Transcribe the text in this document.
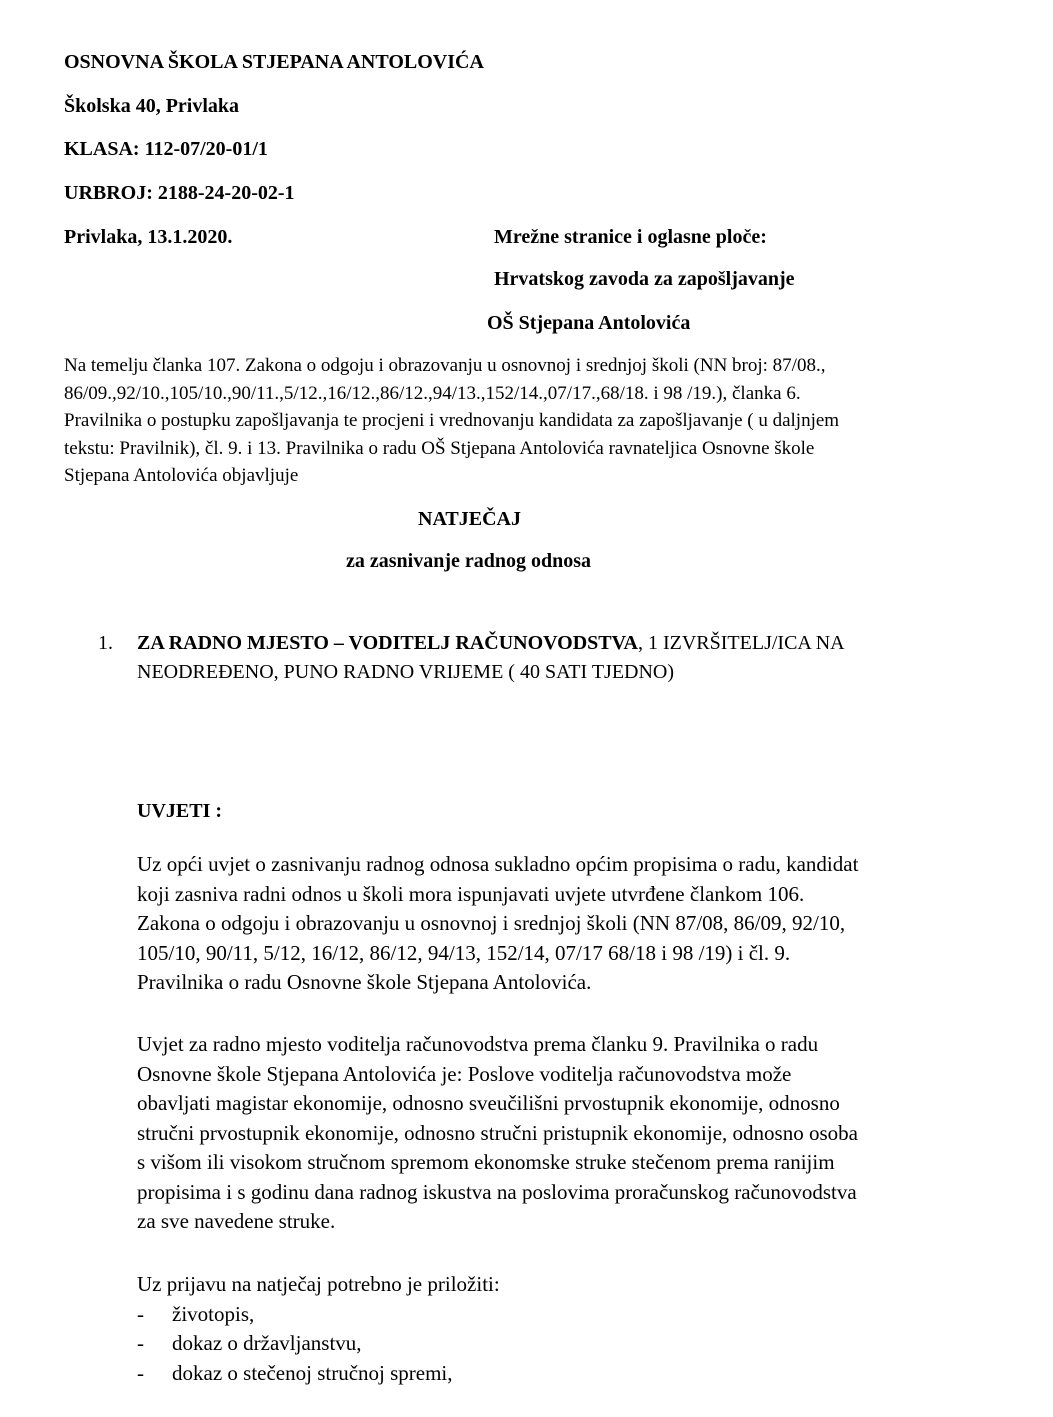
OSNOVNA ŠKOLA STJEPANA ANTOLOVIĆA
Školska 40, Privlaka
KLASA: 112-07/20-01/1
URBROJ: 2188-24-20-02-1
Privlaka, 13.1.2020.	Mrežne stranice i oglasne ploče:
Hrvatskog zavoda za zapošljavanje
OŠ Stjepana Antolovića
Na temelju članka 107. Zakona o odgoju i obrazovanju u osnovnoj i srednjoj školi (NN broj: 87/08.,
86/09.,92/10.,105/10.,90/11.,5/12.,16/12.,86/12.,94/13.,152/14.,07/17.,68/18. i 98 /19.), članka 6.
Pravilnika o postupku zapošljavanja te procjeni i vrednovanju kandidata za zapošljavanje ( u daljnjem
tekstu: Pravilnik), čl. 9. i 13. Pravilnika o radu OŠ Stjepana Antolovića ravnateljica Osnovne škole
Stjepana Antolovića objavljuje
NATJEČAJ
za zasnivanje radnog odnosa
1. ZA RADNO MJESTO – VODITELJ RAČUNOVODSTVA, 1 IZVRŠITELJ/ICA NA
NEODREĐENO, PUNO RADNO VRIJEME ( 40 SATI TJEDNO)
UVJETI :
Uz opći uvjet o zasnivanju radnog odnosa sukladno općim propisima o radu, kandidat
koji zasniva radni odnos u školi mora ispunjavati uvjete utvrđene člankom 106.
Zakona o odgoju i obrazovanju u osnovnoj i srednjoj školi (NN 87/08, 86/09, 92/10,
105/10, 90/11, 5/12, 16/12, 86/12, 94/13, 152/14, 07/17 68/18 i 98 /19) i čl. 9.
Pravilnika o radu Osnovne škole Stjepana Antolovića.
Uvjet za radno mjesto voditelja računovodstva prema članku 9. Pravilnika o radu
Osnovne škole Stjepana Antolovića je: Poslove voditelja računovodstva može
obavljati magistar ekonomije, odnosno sveučilišni prvostupnik ekonomije, odnosno
stručni prvostupnik ekonomije, odnosno stručni pristupnik ekonomije, odnosno osoba
s višom ili visokom stručnom spremom ekonomske struke stečenom prema ranijim
propisima i s godinu dana radnog iskustva na poslovima proračunskog računovodstva
za sve navedene struke.
Uz prijavu na natječaj potrebno je priložiti:
- životopis,
- dokaz o državljanstvu,
- dokaz o stečenoj stručnoj spremi,
